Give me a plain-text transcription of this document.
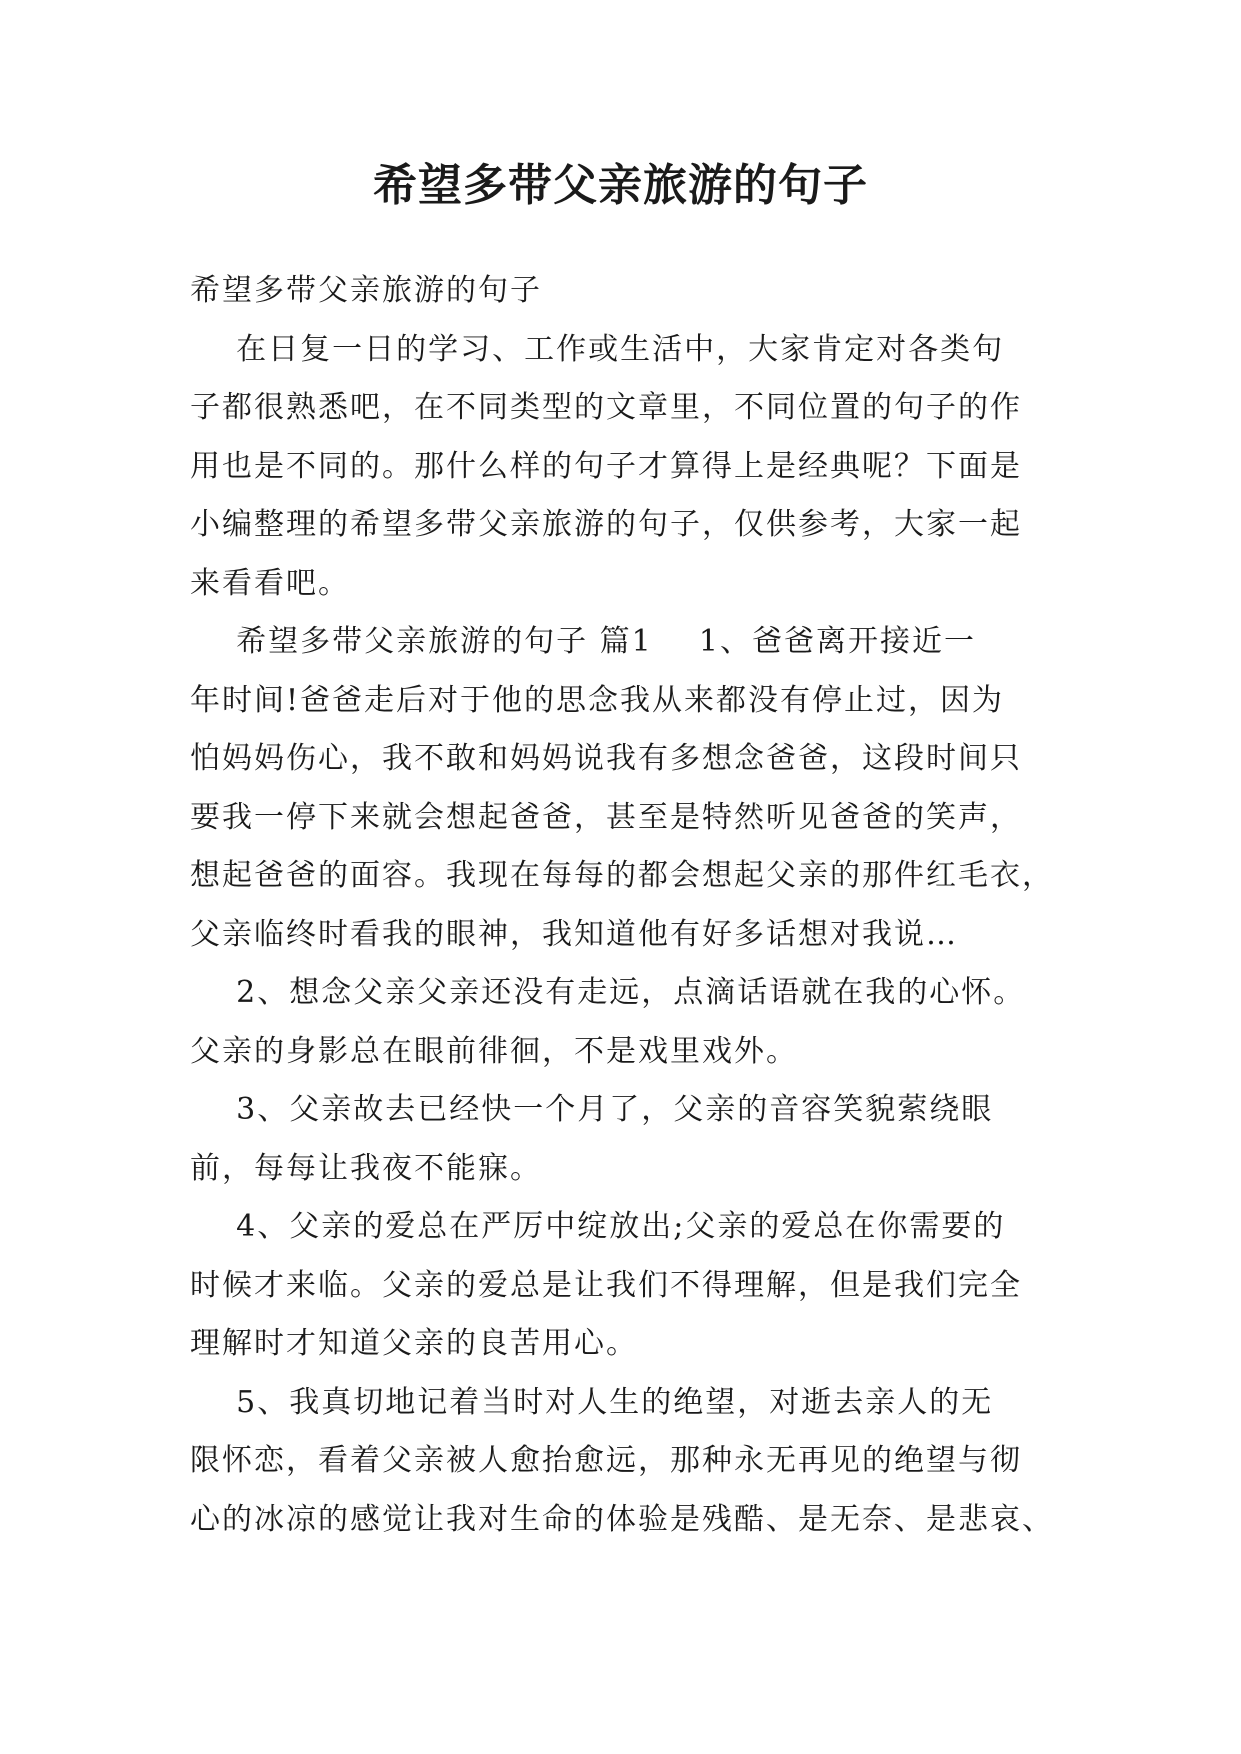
希望多带父亲旅游的句子
希望多带父亲旅游的句子
在日复一日的学习、工作或生活中，大家肯定对各类句
子都很熟悉吧，在不同类型的文章里，不同位置的句子的作
用也是不同的。那什么样的句子才算得上是经典呢？下面是
小编整理的希望多带父亲旅游的句子，仅供参考，大家一起
来看看吧。
希望多带父亲旅游的句子 篇1    1、爸爸离开接近一
年时间!爸爸走后对于他的思念我从来都没有停止过，因为
怕妈妈伤心，我不敢和妈妈说我有多想念爸爸，这段时间只
要我一停下来就会想起爸爸，甚至是特然听见爸爸的笑声，
想起爸爸的面容。我现在每每的都会想起父亲的那件红毛衣，
父亲临终时看我的眼神，我知道他有好多话想对我说…
2、想念父亲父亲还没有走远，点滴话语就在我的心怀。
父亲的身影总在眼前徘徊，不是戏里戏外。
3、父亲故去已经快一个月了，父亲的音容笑貌萦绕眼
前，每每让我夜不能寐。
4、父亲的爱总在严厉中绽放出;父亲的爱总在你需要的
时候才来临。父亲的爱总是让我们不得理解，但是我们完全
理解时才知道父亲的良苦用心。
5、我真切地记着当时对人生的绝望，对逝去亲人的无
限怀恋，看着父亲被人愈抬愈远，那种永无再见的绝望与彻
心的冰凉的感觉让我对生命的体验是残酷、是无奈、是悲哀、
